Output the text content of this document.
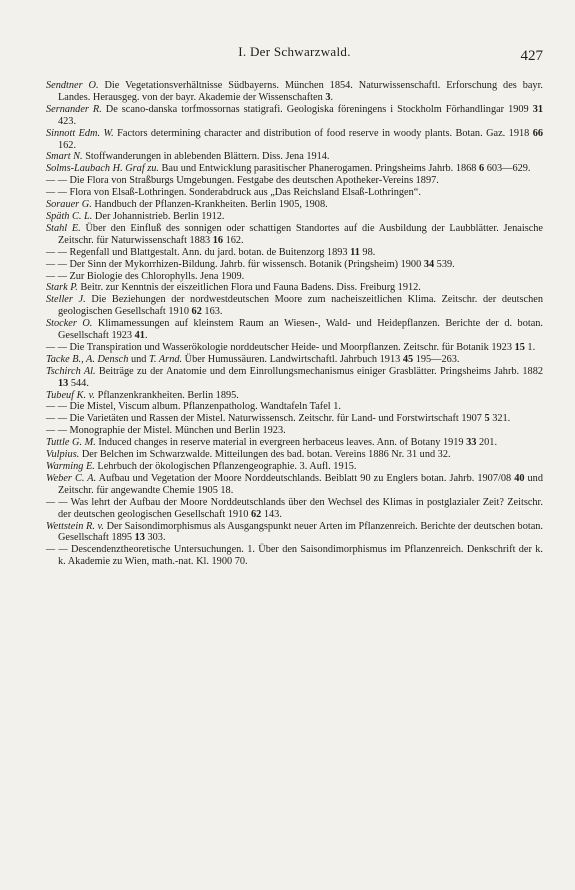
I. Der Schwarzwald.	427

Sendtner O. Die Vegetationsverhältnisse Südbayerns. München 1854. Naturwissenschaftl. Erforschung des bayr. Landes. Herausgeg. von der bayr. Akademie der Wissenschaften 3.

Sernander R. De scano-danska torfmossornas statigrafi. Geologiska föreningens i Stockholm Förhandlingar 1909 31 423.

Sinnott Edm. W. Factors determining character and distribution of food reserve in woody plants. Botan. Gaz. 1918 66 162.

Smart N. Stoffwanderungen in ablebenden Blättern. Diss. Jena 1914.

Solms-Laubach H. Graf zu. Bau und Entwicklung parasitischer Phanerogamen. Pringsheims Jahrb. 1868 6 603—629.

— — Die Flora von Straßburgs Umgebungen. Festgabe des deutschen Apotheker-Vereins 1897.

— — Flora von Elsaß-Lothringen. Sonderabdruck aus „Das Reichsland Elsaß-Lothringen“.

Sorauer G. Handbuch der Pflanzen-Krankheiten. Berlin 1905, 1908.

Späth C. L. Der Johannistrieb. Berlin 1912.

Stahl E. Über den Einfluß des sonnigen oder schattigen Standortes auf die Ausbildung der Laubblätter. Jenaische Zeitschr. für Naturwissenschaft 1883 16 162.

— — Regenfall und Blattgestalt. Ann. du jard. botan. de Buitenzorg 1893 11 98.

— — Der Sinn der Mykorrhizen-Bildung. Jahrb. für wissensch. Botanik (Pringsheim) 1900 34 539.

— — Zur Biologie des Chlorophylls. Jena 1909.

Stark P. Beitr. zur Kenntnis der eiszeitlichen Flora und Fauna Badens. Diss. Freiburg 1912.

Steller J. Die Beziehungen der nordwestdeutschen Moore zum nacheiszeitlichen Klima. Zeitschr. der deutschen geologischen Gesellschaft 1910 62 163.

Stocker O. Klimamessungen auf kleinstem Raum an Wiesen-, Wald- und Heidepflanzen. Berichte der d. botan. Gesellschaft 1923 41.

— — Die Transpiration und Wasserökologie norddeutscher Heide- und Moorpflanzen. Zeitschr. für Botanik 1923 15 1.

Tacke B., A. Densch und T. Arnd. Über Humussäuren. Landwirtschaftl. Jahrbuch 1913 45 195—263.

Tschirch Al. Beiträge zu der Anatomie und dem Einrollungsmechanismus einiger Grasblätter. Pringsheims Jahrb. 1882 13 544.

Tubeuf K. v. Pflanzenkrankheiten. Berlin 1895.

— — Die Mistel, Viscum album. Pflanzenpatholog. Wandtafeln Tafel 1.

— — Die Varietäten und Rassen der Mistel. Naturwissensch. Zeitschr. für Land- und Forstwirtschaft 1907 5 321.

— — Monographie der Mistel. München und Berlin 1923.

Tuttle G. M. Induced changes in reserve material in evergreen herbaceus leaves. Ann. of Botany 1919 33 201.

Vulpius. Der Belchen im Schwarzwalde. Mitteilungen des bad. botan. Vereins 1886 Nr. 31 und 32.

Warming E. Lehrbuch der ökologischen Pflanzengeographie. 3. Aufl. 1915.

Weber C. A. Aufbau und Vegetation der Moore Norddeutschlands. Beiblatt 90 zu Englers botan. Jahrb. 1907/08 40 und Zeitschr. für angewandte Chemie 1905 18.

— — Was lehrt der Aufbau der Moore Norddeutschlands über den Wechsel des Klimas in postglazialer Zeit? Zeitschr. der deutschen geologischen Gesellschaft 1910 62 143.

Wettstein R. v. Der Saisondimorphismus als Ausgangspunkt neuer Arten im Pflanzenreich. Berichte der deutschen botan. Gesellschaft 1895 13 303.

— — Descendenztheoretische Untersuchungen. 1. Über den Saisondimorphismus im Pflanzenreich. Denkschrift der k. k. Akademie zu Wien, math.-nat. Kl. 1900 70.
